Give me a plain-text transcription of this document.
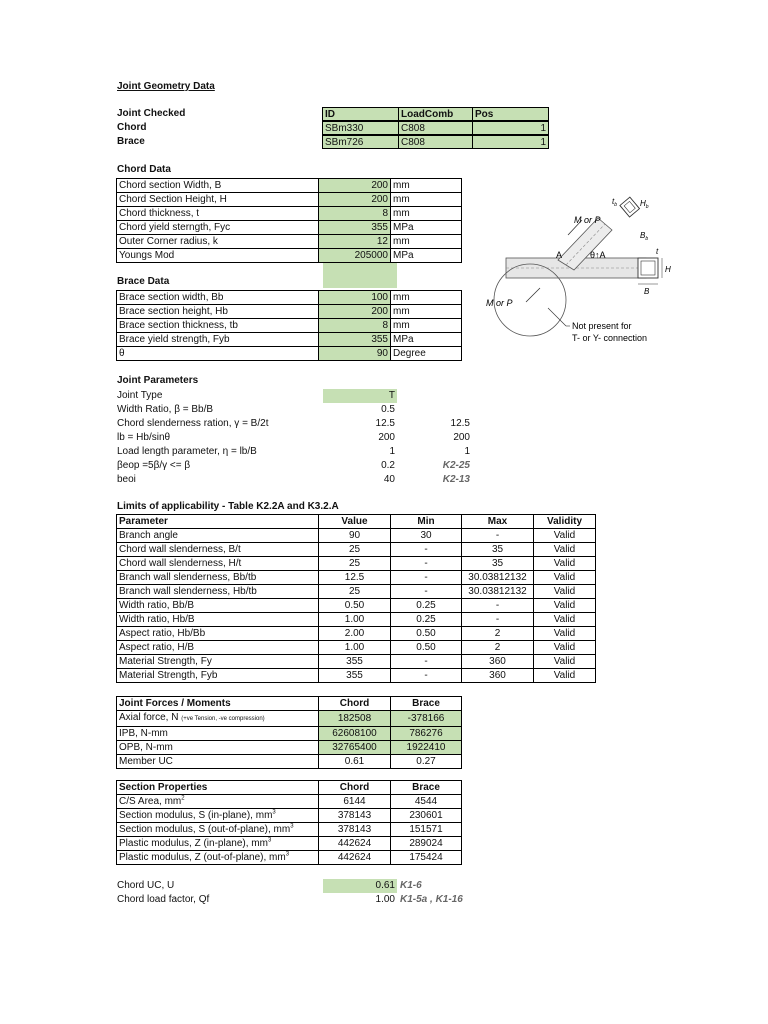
Joint Geometry Data
Joint Checked	ID	LoadComb	Pos
Chord	SBm330	C808	1
Brace	SBm726	C808	1
Chord Data
Chord section Width, B	200	mm
Chord Section Height, H	200	mm
Chord thickness, t	8	mm
Chord yield sterngth, Fyc	355	MPa
Outer Corner radius, k	12	mm
Youngs Mod	205000	MPa
Brace Data
Brace section width, Bb	100	mm
Brace section height, Hb	200	mm
Brace section thickness, tb	8	mm
Brace yield strength, Fyb	355	MPa
θ	90	Degree
M or P
M or P
A	θ↑A
$t_b$	$H_b$
$B_b$
t
H
B
Not present for
T- or Y- connection
Joint Parameters
Joint Type	T
Width Ratio, β = Bb/B	0.5
Chord slenderness ration, γ = B/2t	12.5	12.5
lb = Hb/sinθ	200	200
Load length parameter, η = lb/B	1	1
βeop =5β/γ <= β	0.2	K2-25
beoi	40	K2-13
Limits of applicability - Table K2.2A and K3.2.A
Parameter	Value	Min	Max	Validity
Branch angle	90	30	-	Valid
Chord wall slenderness, B/t	25	-	35	Valid
Chord wall slenderness, H/t	25	-	35	Valid
Branch wall slenderness, Bb/tb	12.5	-	30.03812132	Valid
Branch wall slenderness, Hb/tb	25	-	30.03812132	Valid
Width ratio, Bb/B	0.50	0.25	-	Valid
Width ratio, Hb/B	1.00	0.25	-	Valid
Aspect ratio, Hb/Bb	2.00	0.50	2	Valid
Aspect ratio, H/B	1.00	0.50	2	Valid
Material Strength, Fy	355	-	360	Valid
Material Strength, Fyb	355	-	360	Valid
Joint Forces / Moments	Chord	Brace
Axial force, N (+ve Tension, -ve compression)	182508	-378166
IPB, N-mm	62608100	786276
OPB, N-mm	32765400	1922410
Member UC	0.61	0.27
Section Properties	Chord	Brace
C/S Area, $mm^2$	6144	4544
Section modulus, S (in-plane), $mm^3$	378143	230601
Section modulus, S (out-of-plane), $mm^3$	378143	151571
Plastic modulus, Z (in-plane), $mm^3$	442624	289024
Plastic modulus, Z (out-of-plane), $mm^3$	442624	175424
Chord UC, U	0.61 K1-6
Chord load factor, Qf	1.00 K1-5a , K1-16
